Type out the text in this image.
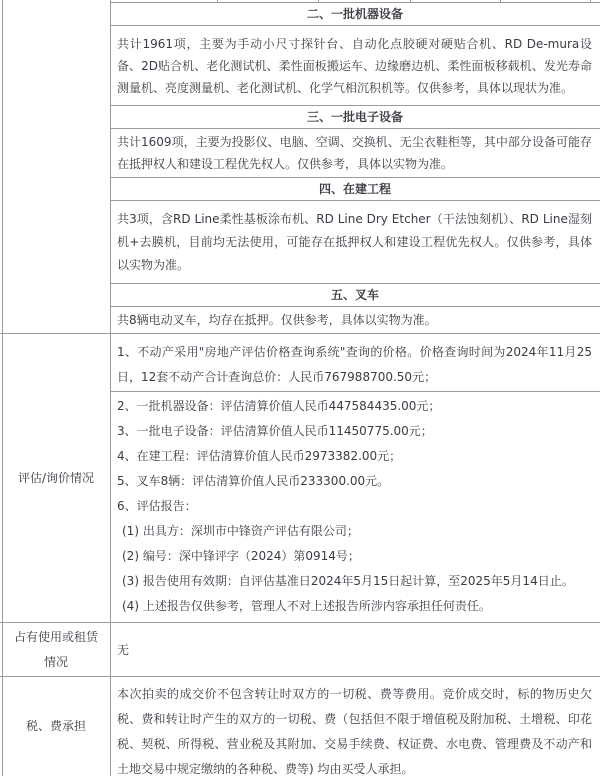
二、一批机器设备
共计1961项，主要为手动小尺寸探针台、自动化点胶硬对硬贴合机、RD De-mura设备、2D贴合机、老化测试机、柔性面板搬运车、边缘磨边机、柔性面板移载机、发光寿命测量机、亮度测量机、老化测试机、化学气相沉积机等。仅供参考，具体以现状为准。
三、一批电子设备
共计1609项，主要为投影仪、电脑、空调、交换机、无尘衣鞋柜等，其中部分设备可能存在抵押权人和建设工程优先权人。仅供参考，具体以实物为准。
四、在建工程
共3项，含RD Line柔性基板涂布机、RD Line Dry Etcher（干法蚀刻机）、RD Line湿刻机+去膜机，目前均无法使用，可能存在抵押权人和建设工程优先权人。仅供参考，具体以实物为准。
五、叉车
共8辆电动叉车，均存在抵押。仅供参考，具体以实物为准。
评估/询价情况
1、不动产采用"房地产评估价格查询系统"查询的价格。价格查询时间为2024年11月25日，12套不动产合计查询总价：人民币767988700.50元；
2、一批机器设备：评估清算价值人民币447584435.00元；
3、一批电子设备：评估清算价值人民币11450775.00元；
4、在建工程：评估清算价值人民币2973382.00元；
5、叉车8辆：评估清算价值人民币233300.00元。
6、评估报告：
(1) 出具方：深圳市中锋资产评估有限公司；
(2) 编号：深中锋评字（2024）第0914号；
(3) 报告使用有效期：自评估基准日2024年5月15日起计算，至2025年5月14日止。
(4) 上述报告仅供参考，管理人不对上述报告所涉内容承担任何责任。
占有使用或租赁情况
无
税、费承担
本次拍卖的成交价不包含转让时双方的一切税、费等费用。竞价成交时，标的物历史欠税、费和转让时产生的双方的一切税、费（包括但不限于增值税及附加税、土增税、印花税、契税、所得税、营业税及其附加、交易手续费、权证费、水电费、管理费及不动产和土地交易中规定缴纳的各种税、费等) 均由买受人承担。
